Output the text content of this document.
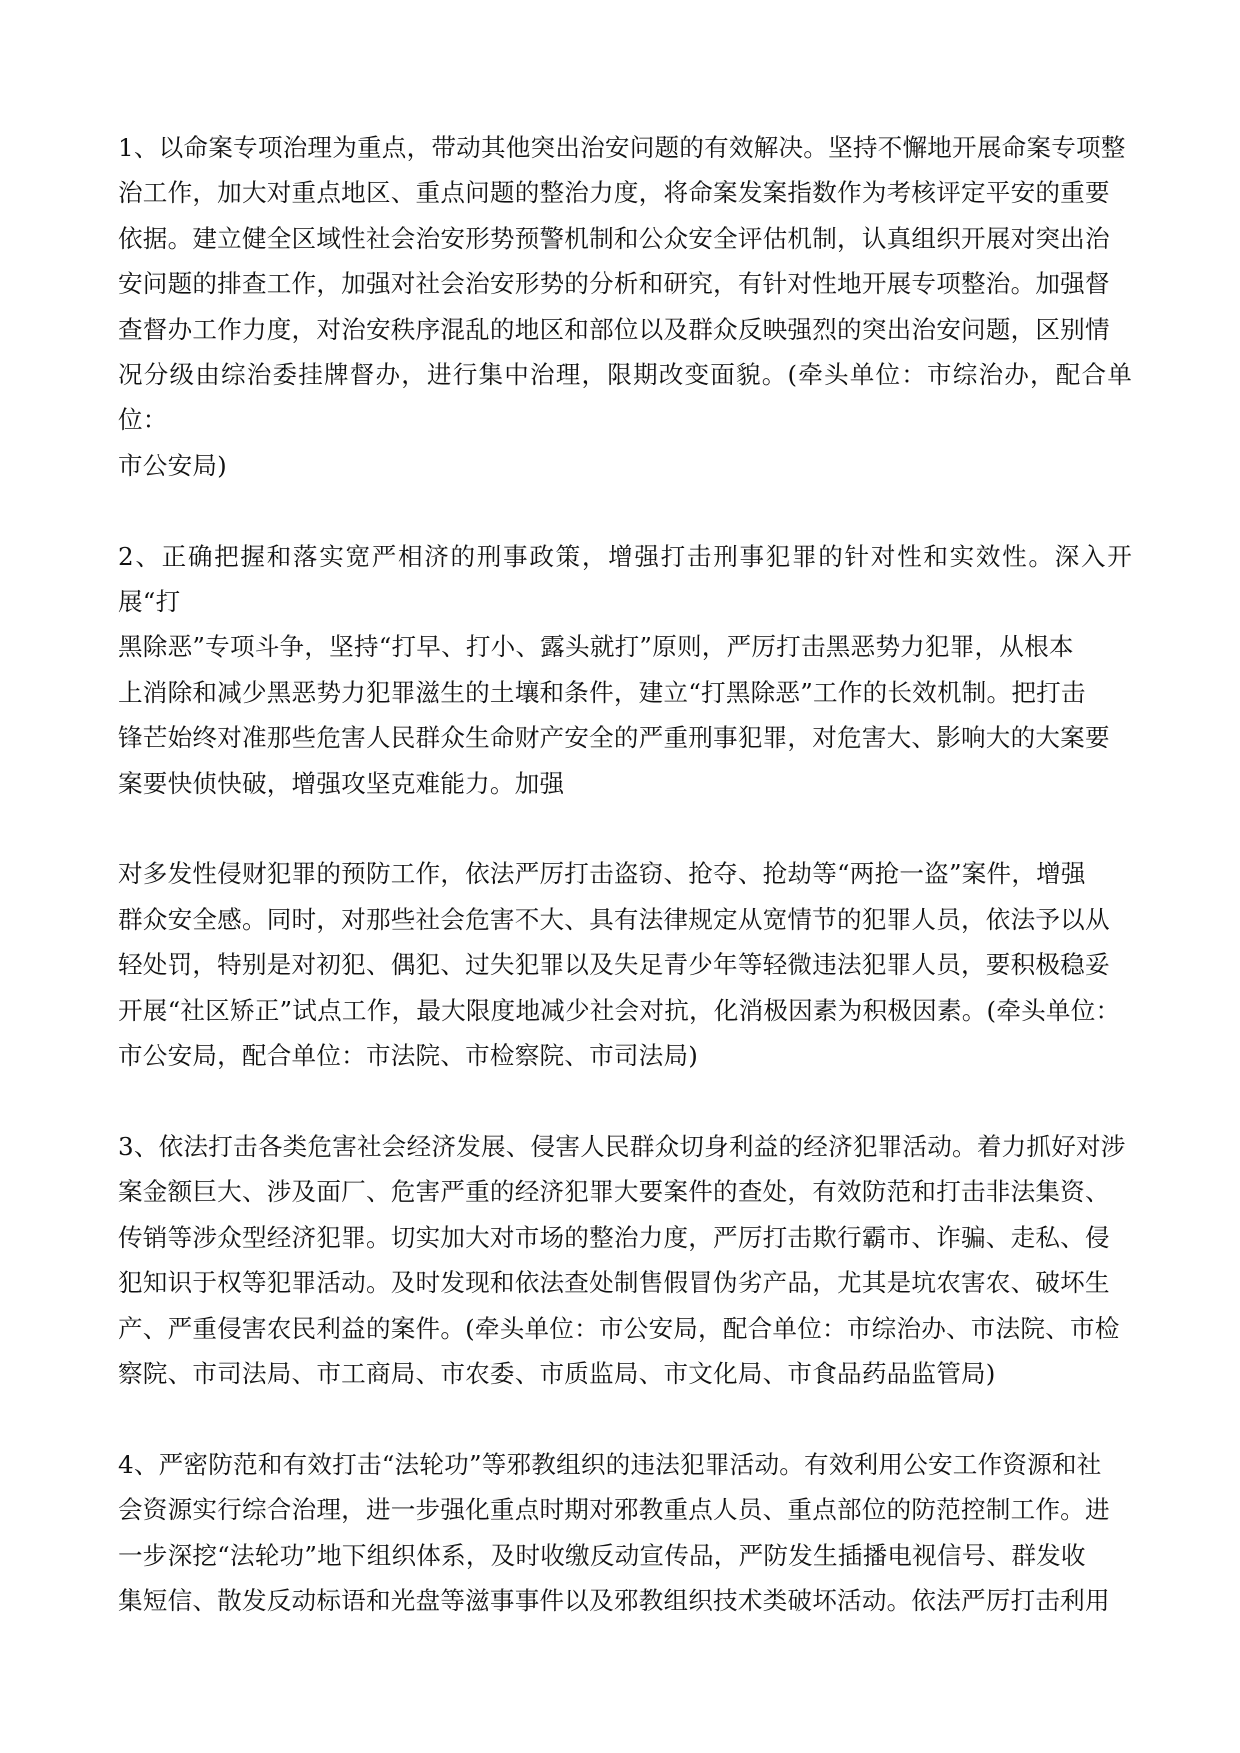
1、以命案专项治理为重点，带动其他突出治安问题的有效解决。坚持不懈地开展命案专项整
治工作，加大对重点地区、重点问题的整治力度，将命案发案指数作为考核评定平安的重要
依据。建立健全区域性社会治安形势预警机制和公众安全评估机制，认真组织开展对突出治
安问题的排查工作，加强对社会治安形势的分析和研究，有针对性地开展专项整治。加强督
查督办工作力度，对治安秩序混乱的地区和部位以及群众反映强烈的突出治安问题，区别情
况分级由综治委挂牌督办，进行集中治理，限期改变面貌。(牵头单位：市综治办，配合单位：
市公安局)

2、正确把握和落实宽严相济的刑事政策，增强打击刑事犯罪的针对性和实效性。深入开展“打
黑除恶”专项斗争，坚持“打早、打小、露头就打”原则，严厉打击黑恶势力犯罪，从根本
上消除和减少黑恶势力犯罪滋生的土壤和条件，建立“打黑除恶”工作的长效机制。把打击
锋芒始终对准那些危害人民群众生命财产安全的严重刑事犯罪，对危害大、影响大的大案要
案要快侦快破，增强攻坚克难能力。加强

对多发性侵财犯罪的预防工作，依法严厉打击盗窃、抢夺、抢劫等“两抢一盗”案件，增强
群众安全感。同时，对那些社会危害不大、具有法律规定从宽情节的犯罪人员，依法予以从
轻处罚，特别是对初犯、偶犯、过失犯罪以及失足青少年等轻微违法犯罪人员，要积极稳妥
开展“社区矫正”试点工作，最大限度地减少社会对抗，化消极因素为积极因素。(牵头单位：
市公安局，配合单位：市法院、市检察院、市司法局)

3、依法打击各类危害社会经济发展、侵害人民群众切身利益的经济犯罪活动。着力抓好对涉
案金额巨大、涉及面厂、危害严重的经济犯罪大要案件的查处，有效防范和打击非法集资、
传销等涉众型经济犯罪。切实加大对市场的整治力度，严厉打击欺行霸市、诈骗、走私、侵
犯知识于权等犯罪活动。及时发现和依法查处制售假冒伪劣产品，尤其是坑农害农、破坏生
产、严重侵害农民利益的案件。(牵头单位：市公安局，配合单位：市综治办、市法院、市检
察院、市司法局、市工商局、市农委、市质监局、市文化局、市食品药品监管局)

4、严密防范和有效打击“法轮功”等邪教组织的违法犯罪活动。有效利用公安工作资源和社
会资源实行综合治理，进一步强化重点时期对邪教重点人员、重点部位的防范控制工作。进
一步深挖“法轮功”地下组织体系，及时收缴反动宣传品，严防发生插播电视信号、群发收
集短信、散发反动标语和光盘等滋事事件以及邪教组织技术类破坏活动。依法严厉打击利用
